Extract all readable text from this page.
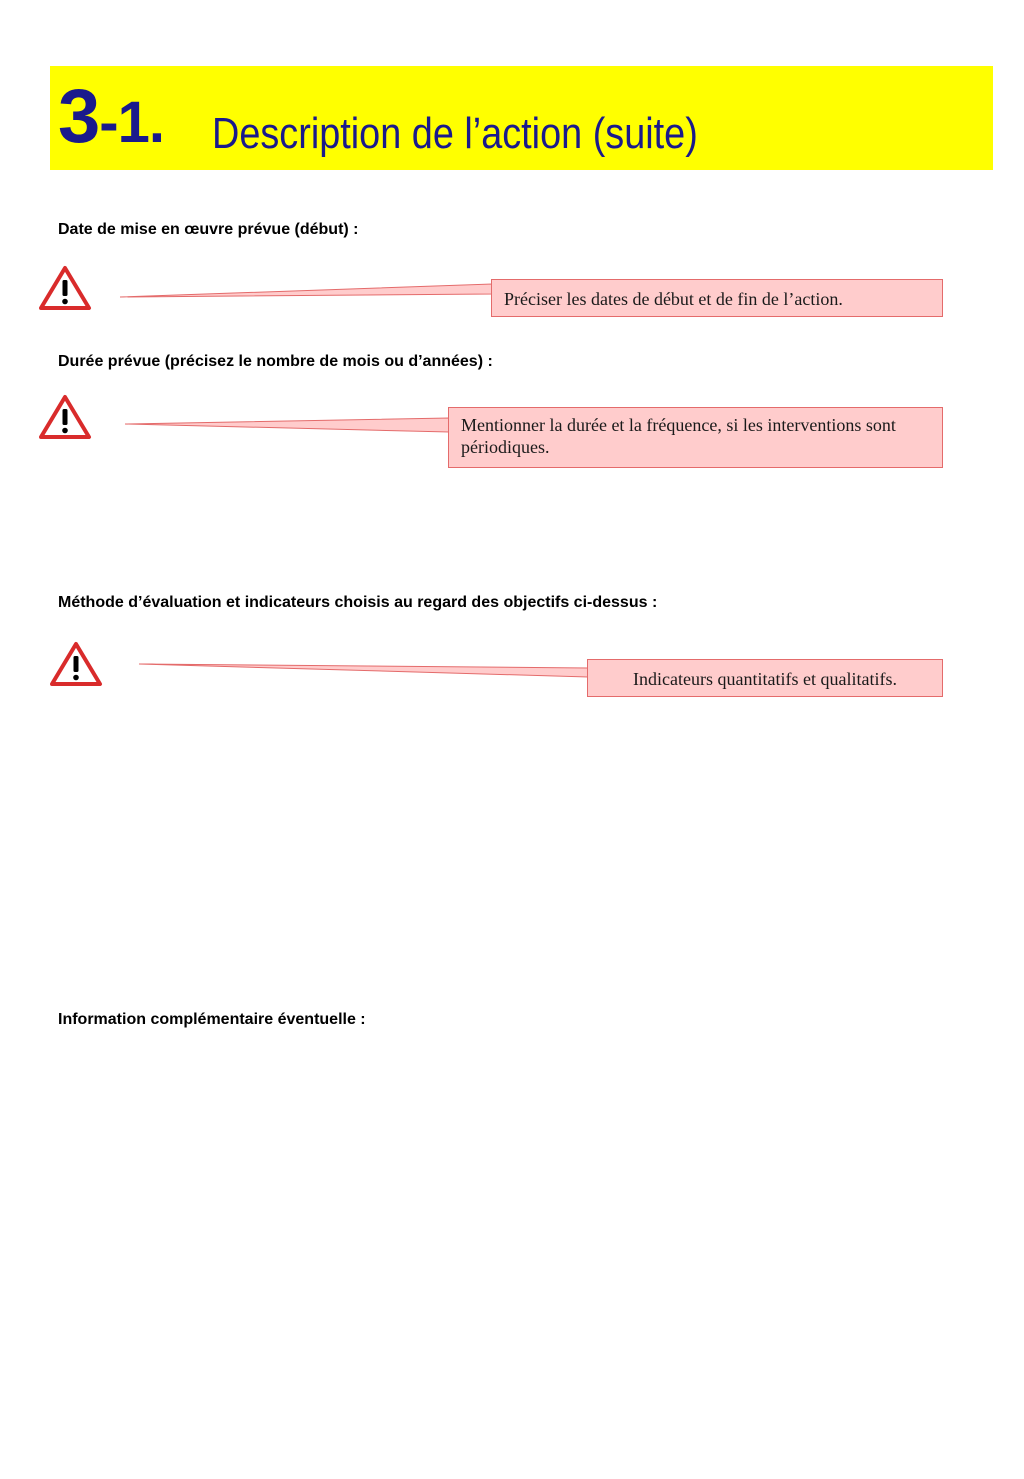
3-1. Description de l’action (suite)
Date de mise en œuvre prévue (début) :
Durée prévue (précisez le nombre de mois ou d’années) :
Méthode d’évaluation et indicateurs choisis au regard des objectifs ci-dessus :
Information complémentaire éventuelle :
Préciser les dates de début et de fin de l’action.
Mentionner la durée et la fréquence, si les interventions sont périodiques.
Indicateurs quantitatifs et qualitatifs.
